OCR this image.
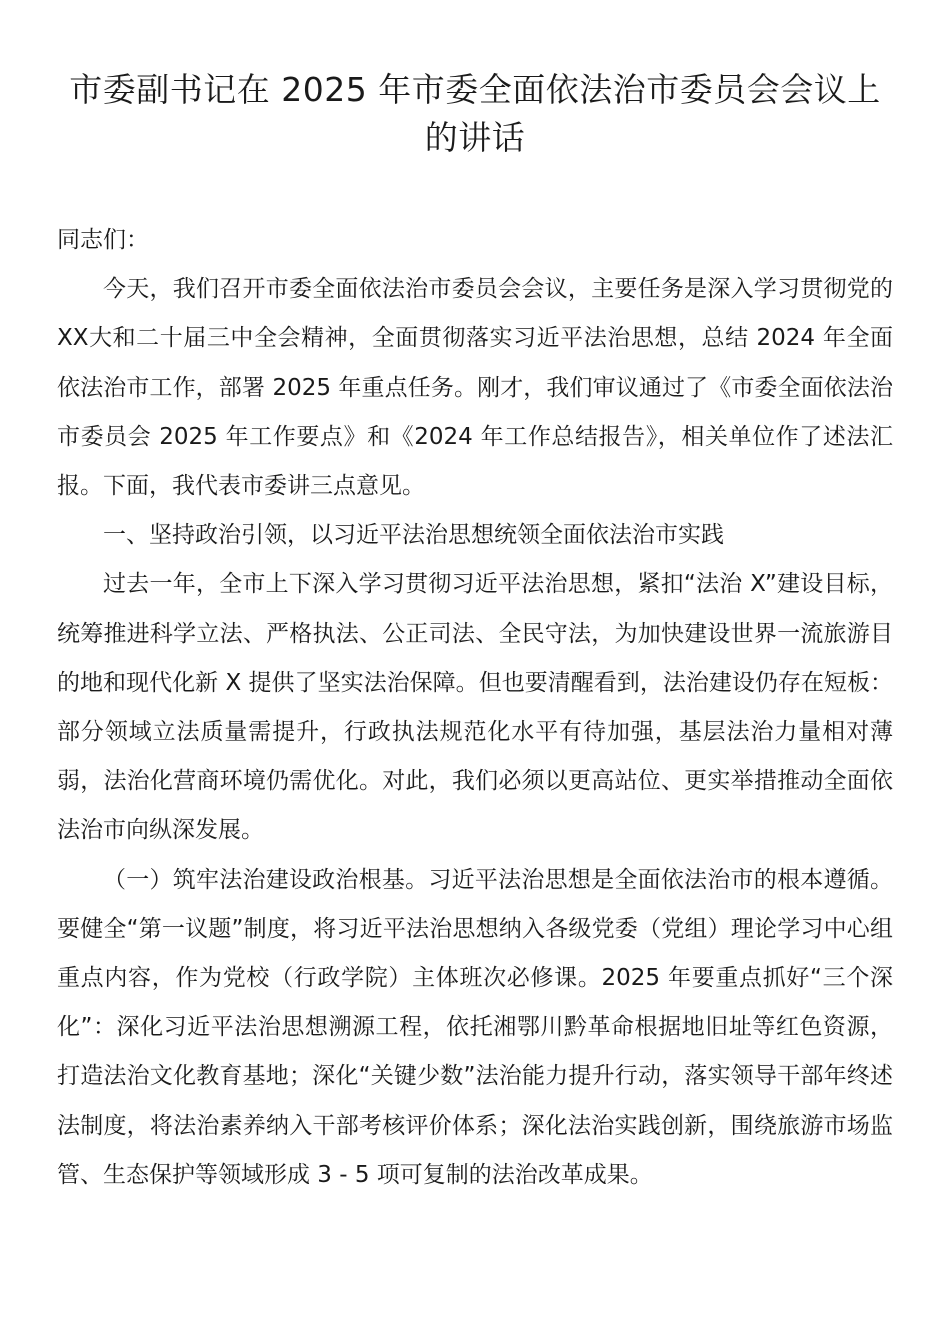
市委副书记在 2025 年市委全面依法治市委员会会议上的讲话

同志们：

今天，我们召开市委全面依法治市委员会会议，主要任务是深入学习贯彻党的XX大和二十届三中全会精神，全面贯彻落实习近平法治思想，总结 2024 年全面依法治市工作，部署 2025 年重点任务。刚才，我们审议通过了《市委全面依法治市委员会 2025 年工作要点》和《2024 年工作总结报告》，相关单位作了述法汇报。下面，我代表市委讲三点意见。

一、坚持政治引领，以习近平法治思想统领全面依法治市实践

过去一年，全市上下深入学习贯彻习近平法治思想，紧扣“法治 X”建设目标，统筹推进科学立法、严格执法、公正司法、全民守法，为加快建设世界一流旅游目的地和现代化新 X 提供了坚实法治保障。但也要清醒看到，法治建设仍存在短板：部分领域立法质量需提升，行政执法规范化水平有待加强，基层法治力量相对薄弱，法治化营商环境仍需优化。对此，我们必须以更高站位、更实举措推动全面依法治市向纵深发展。

（一）筑牢法治建设政治根基。习近平法治思想是全面依法治市的根本遵循。要健全“第一议题”制度，将习近平法治思想纳入各级党委（党组）理论学习中心组重点内容，作为党校（行政学院）主体班次必修课。2025 年要重点抓好“三个深化”：深化习近平法治思想溯源工程，依托湘鄂川黔革命根据地旧址等红色资源，打造法治文化教育基地；深化“关键少数”法治能力提升行动，落实领导干部年终述法制度，将法治素养纳入干部考核评价体系；深化法治实践创新，围绕旅游市场监管、生态保护等领域形成 3 - 5 项可复制的法治改革成果。
